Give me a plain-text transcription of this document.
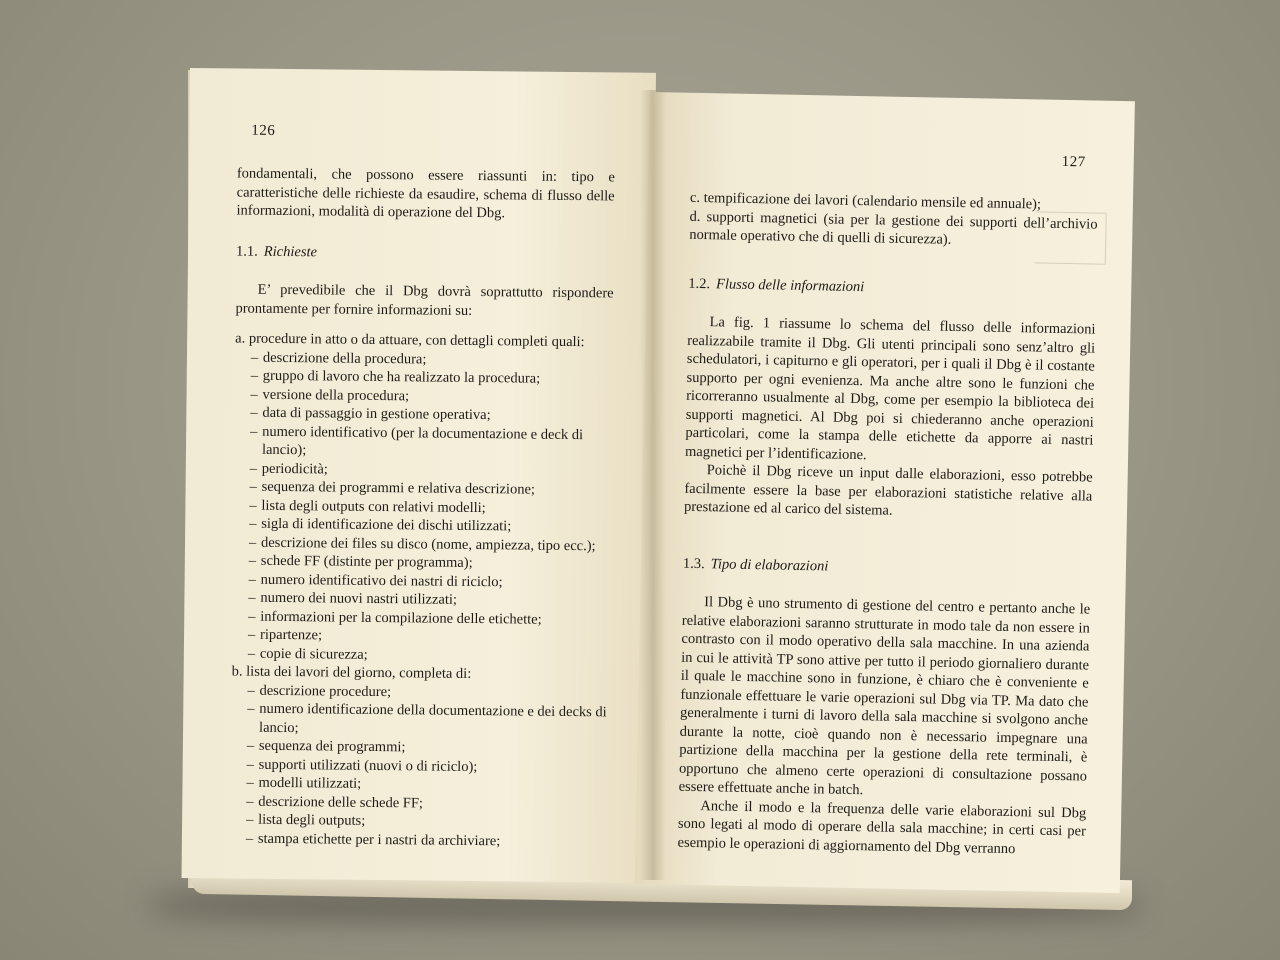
126

fondamentali, che possono essere riassunti in: tipo e caratteristiche delle richieste da esaudire, schema di flusso delle informazioni, modalità di operazione del Dbg.

1.1. Richieste

E’ prevedibile che il Dbg dovrà soprattutto rispondere prontamente per fornire informazioni su:

a. procedure in atto o da attuare, con dettagli completi quali:

– descrizione della procedura;
– gruppo di lavoro che ha realizzato la procedura;
– versione della procedura;
– data di passaggio in gestione operativa;
– numero identificativo (per la documentazione e deck di lancio);
– periodicità;
– sequenza dei programmi e relativa descrizione;
– lista degli outputs con relativi modelli;
– sigla di identificazione dei dischi utilizzati;
– descrizione dei files su disco (nome, ampiezza, tipo ecc.);
– schede FF (distinte per programma);
– numero identificativo dei nastri di riciclo;
– numero dei nuovi nastri utilizzati;
– informazioni per la compilazione delle etichette;
– ripartenze;
– copie di sicurezza;

b. lista dei lavori del giorno, completa di:

– descrizione procedure;
– numero identificazione della documentazione e dei decks di lancio;
– sequenza dei programmi;
– supporti utilizzati (nuovi o di riciclo);
– modelli utilizzati;
– descrizione delle schede FF;
– lista degli outputs;
– stampa etichette per i nastri da archiviare;
127

c. tempificazione dei lavori (calendario mensile ed annuale);

d. supporti magnetici (sia per la gestione dei supporti dell’archivio normale operativo che di quelli di sicurezza).

1.2. Flusso delle informazioni

La fig. 1 riassume lo schema del flusso delle informazioni realizzabile tramite il Dbg. Gli utenti principali sono senz’altro gli schedulatori, i capiturno e gli operatori, per i quali il Dbg è il costante supporto per ogni evenienza. Ma anche altre sono le funzioni che ricorreranno usualmente al Dbg, come per esempio la biblioteca dei supporti magnetici. Al Dbg poi si chiederanno anche operazioni particolari, come la stampa delle etichette da apporre ai nastri magnetici per l’identificazione.

Poichè il Dbg riceve un input dalle elaborazioni, esso potrebbe facilmente essere la base per elaborazioni statistiche relative alla prestazione ed al carico del sistema.

1.3. Tipo di elaborazioni

Il Dbg è uno strumento di gestione del centro e pertanto anche le relative elaborazioni saranno strutturate in modo tale da non essere in contrasto con il modo operativo della sala macchine. In una azienda in cui le attività TP sono attive per tutto il periodo giornaliero durante il quale le macchine sono in funzione, è chiaro che è conveniente e funzionale effettuare le varie operazioni sul Dbg via TP. Ma dato che generalmente i turni di lavoro della sala macchine si svolgono anche durante la notte, cioè quando non è necessario impegnare una partizione della macchina per la gestione della rete terminali, è opportuno che almeno certe operazioni di consultazione possano essere effettuate anche in batch.

Anche il modo e la frequenza delle varie elaborazioni sul Dbg sono legati al modo di operare della sala macchine; in certi casi per esempio le operazioni di aggiornamento del Dbg verranno
